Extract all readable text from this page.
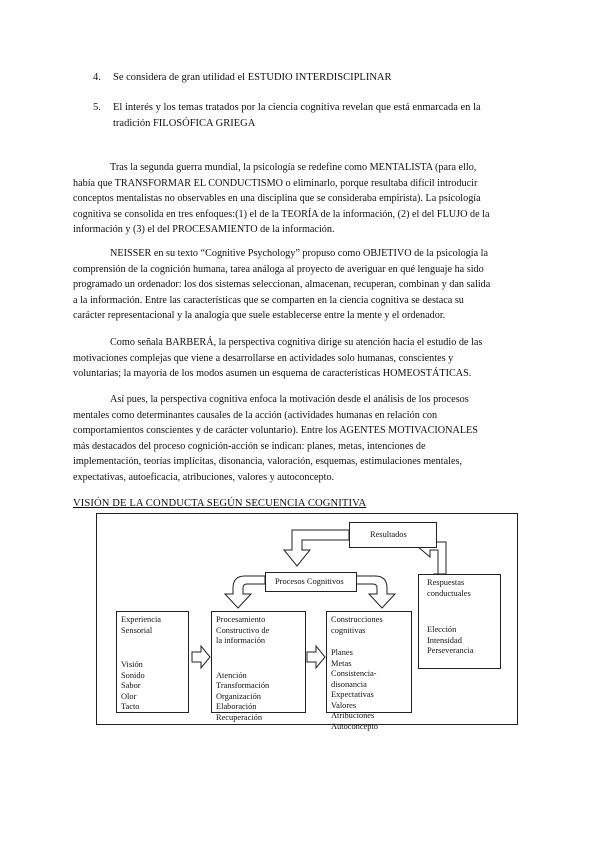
4. Se considera de gran utilidad el ESTUDIO INTERDISCIPLINAR
5. El interés y los temas tratados por la ciencia cognitiva revelan que está enmarcada en la
tradición FILOSÓFICA GRIEGA
Tras la segunda guerra mundial, la psicología se redefine como MENTALISTA (para ello,
había que TRANSFORMAR EL CONDUCTISMO o eliminarlo, porque resultaba difícil introducir
conceptos mentalistas no observables en una disciplina que se consideraba empirista). La psicología
cognitiva se consolida en tres enfoques:(1) el de la TEORÍA de la información, (2) el del FLUJO de la
información y (3) el del PROCESAMIENTO de la información.
NEISSER en su texto “Cognitive Psychology” propuso como OBJETIVO de la psicología la
comprensión de la cognición humana, tarea análoga al proyecto de averiguar en qué lenguaje ha sido
programado un ordenador: los dos sistemas seleccionan, almacenan, recuperan, combinan y dan salida
a la información. Entre las características que se comparten en la ciencia cognitiva se destaca su
carácter representacional y la analogía que suele establecerse entre la mente y el ordenador.
Como señala BARBERÁ, la perspectiva cognitiva dirige su atención hacia el estudio de las
motivaciones complejas que viene a desarrollarse en actividades solo humanas, conscientes y
voluntarias; la mayoría de los modos asumen un esquema de características HOMEOSTÁTICAS.
Así pues, la perspectiva cognitiva enfoca la motivación desde el análisis de los procesos
mentales como determinantes causales de la acción (actividades humanas en relación con
comportamientos conscientes y de carácter voluntario). Entre los AGENTES MOTIVACIONALES
más destacados del proceso cognición-acción se indican: planes, metas, intenciones de
implementación, teorías implícitas, disonancia, valoración, esquemas, estimulaciones mentales,
expectativas, autoeficacia, atribuciones, valores y autoconcepto.
VISIÓN DE LA CONDUCTA SEGÚN SECUENCIA COGNITIVA
Resultados
Procesos Cognitivos	Respuestas
conductuales
Elección
Intensidad
Perseverancia
Experiencia
Sensorial
Visión
Sonido
Sabor
Olor
Tacto
Procesamiento
Constructivo de
la información
Atención
Transformación
Organización
Elaboración
Recuperación
Construcciones
cognitivas
Planes
Metas
Consistencia-
disonancia
Expectativas
Valores
Atribuciones
Autoconcepto
